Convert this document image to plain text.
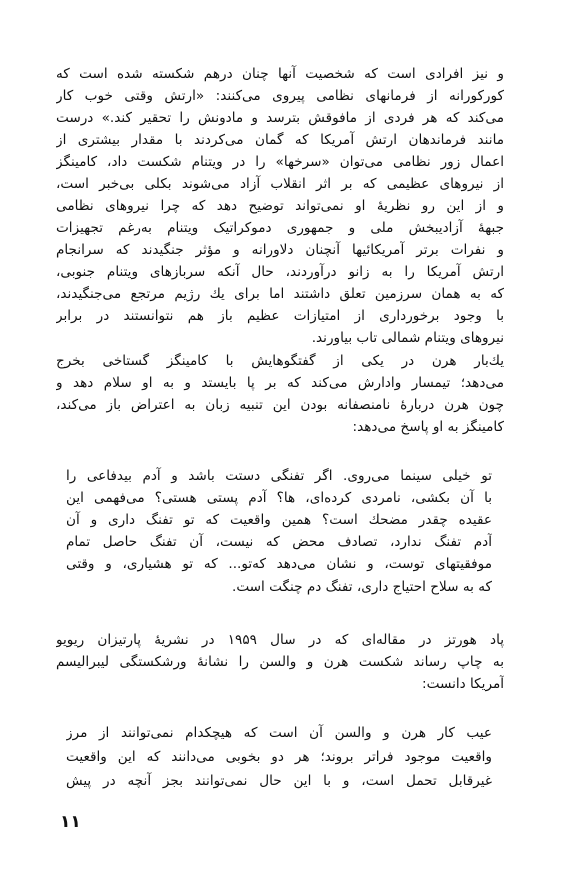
و نیز افرادی است که شخصیت آنها چنان درهم شکسته شده است که
کورکورانه از فرمانهای نظامی پیروی می‌کنند: «ارتش وقتی خوب کار
می‌کند که هر فردی از مافوقش بترسد و مادونش را تحقیر کند.» درست
مانند فرماندهان ارتش آمریکا که گمان می‌کردند با مقدار بیشتری از
اعمال زور نظامی می‌توان «سرخها» را در ویتنام شکست داد، کامینگز
از نیروهای عظیمی که بر اثر انقلاب آزاد می‌شوند بکلی بی‌خبر است،
و از این رو نظریهٔ او نمی‌تواند توضیح دهد که چرا نیروهای نظامی
جبههٔ آزادیبخش ملی و جمهوری دموکراتیک ویتنام به‌رغم تجهیزات
و نفرات برتر آمریکائیها آنچنان دلاورانه و مؤثر جنگیدند که سرانجام
ارتش آمریکا را به زانو درآوردند، حال آنکه سربازهای ویتنام جنوبی،
که به همان سرزمین تعلق داشتند اما برای یك رژیم مرتجع می‌جنگیدند،
با وجود برخورداری از امتیازات عظیم باز هم نتوانستند در برابر
نیروهای ویتنام شمالی تاب بیاورند.
یك‌بار هرن در یکی از گفتگوهایش با کامینگز گستاخی بخرج
می‌دهد؛ تیمسار وادارش می‌کند که بر پا بایستد و به او سلام دهد و
چون هرن دربارهٔ نامنصفانه بودن این تنبیه زبان به اعتراض باز می‌کند،
کامینگز به او پاسخ می‌دهد:
تو خیلی سینما می‌روی. اگر تفنگی دستت باشد و آدم بیدفاعی را
با آن بکشی، نامردی کرده‌ای، ها؟ آدم پستی هستی؟ می‌فهمی این
عقیده چقدر مضحك است؟ همین واقعیت که تو تفنگ داری و آن
آدم تفنگ ندارد، تصادف محض که نیست، آن تفنگ حاصل تمام
موفقیتهای توست، و نشان می‌دهد که‌تو... که تو هشیاری، و وقتی
که به سلاح احتیاج داری، تفنگ دم چنگت است.
پاد هورتز در مقاله‌ای که در سال ۱۹۵۹ در نشریهٔ پارتیزان ریویو
به چاپ رساند شکست هرن و والسن را نشانهٔ ورشکستگی لیبرالیسم
آمریکا دانست:
عیب کار هرن و والسن آن است که هیچکدام نمی‌توانند از مرز
واقعیت موجود فراتر بروند؛ هر دو بخوبی می‌دانند که این واقعیت
غیرقابل تحمل است، و با این حال نمی‌توانند بجز آنچه در پیش
۱۱
